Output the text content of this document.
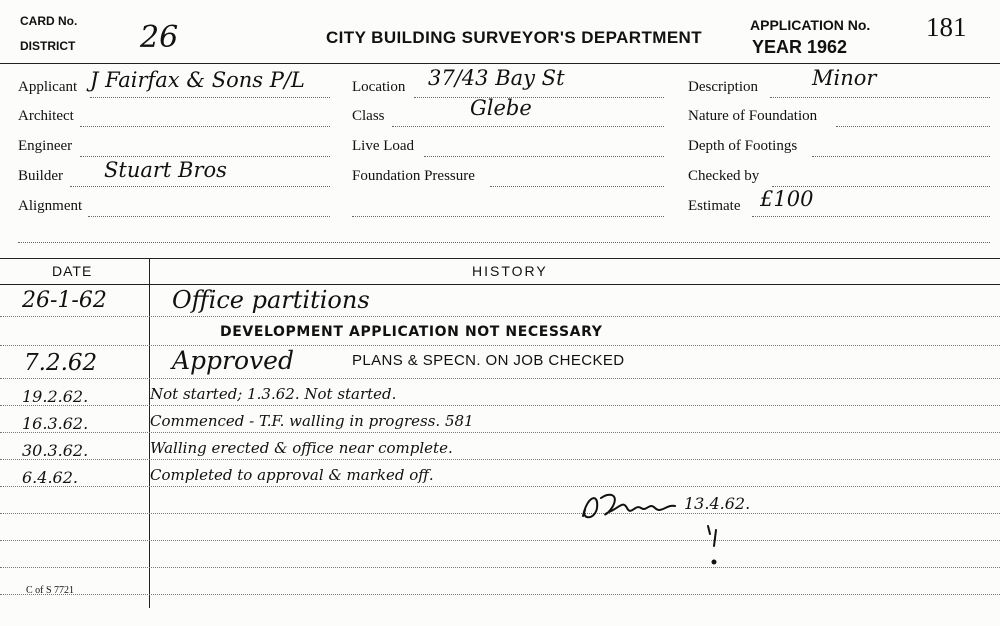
CARD No.
DISTRICT 26	CITY BUILDING SURVEYOR'S DEPARTMENT
APPLICATION No.
YEAR 1962
181
Applicant J Fairfax & Sons P/L
Architect
Engineer
Builder Stuart Bros
Alignment
Location 37/43 Bay St
Class	Glebe
Live Load
Foundation Pressure
Description	Minor
Nature of Foundation
Depth of Footings
Checked by
Estimate £100
DATE	HISTORY
26-1-62	Office partitions
DEVELOPMENT APPLICATION NOT NECESSARY
7.2.62	Approved	PLANS & SPECN. ON JOB CHECKED
19.2.62.	Not started; 1.3.62. Not started.
16.3.62.	Commenced - T.F. walling in progress. 581
30.3.62.	Walling erected & office near complete.
6.4.62.	Completed to approval & marked off.
13.4.62.
C of S 7721
